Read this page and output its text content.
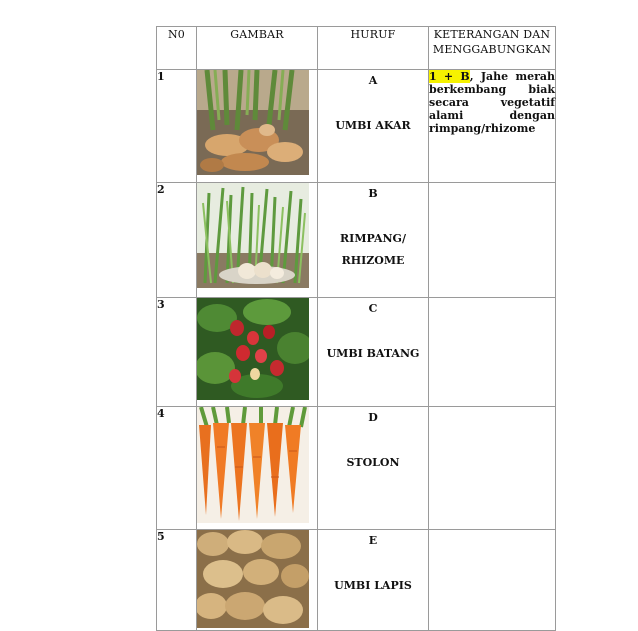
N0	GAMBAR	HURUF	KETERANGAN DAN
MENGGABUNGKAN
1		A
UMBI AKAR	1 + B, Jahe merah berkembang biak secara vegetatif alami dengan rimpang/rhizome

2		B
RIMPANG/
RHIZOME	

3		C
UMBI BATANG	

4		D
STOLON	

5		E
UMBI LAPIS	
